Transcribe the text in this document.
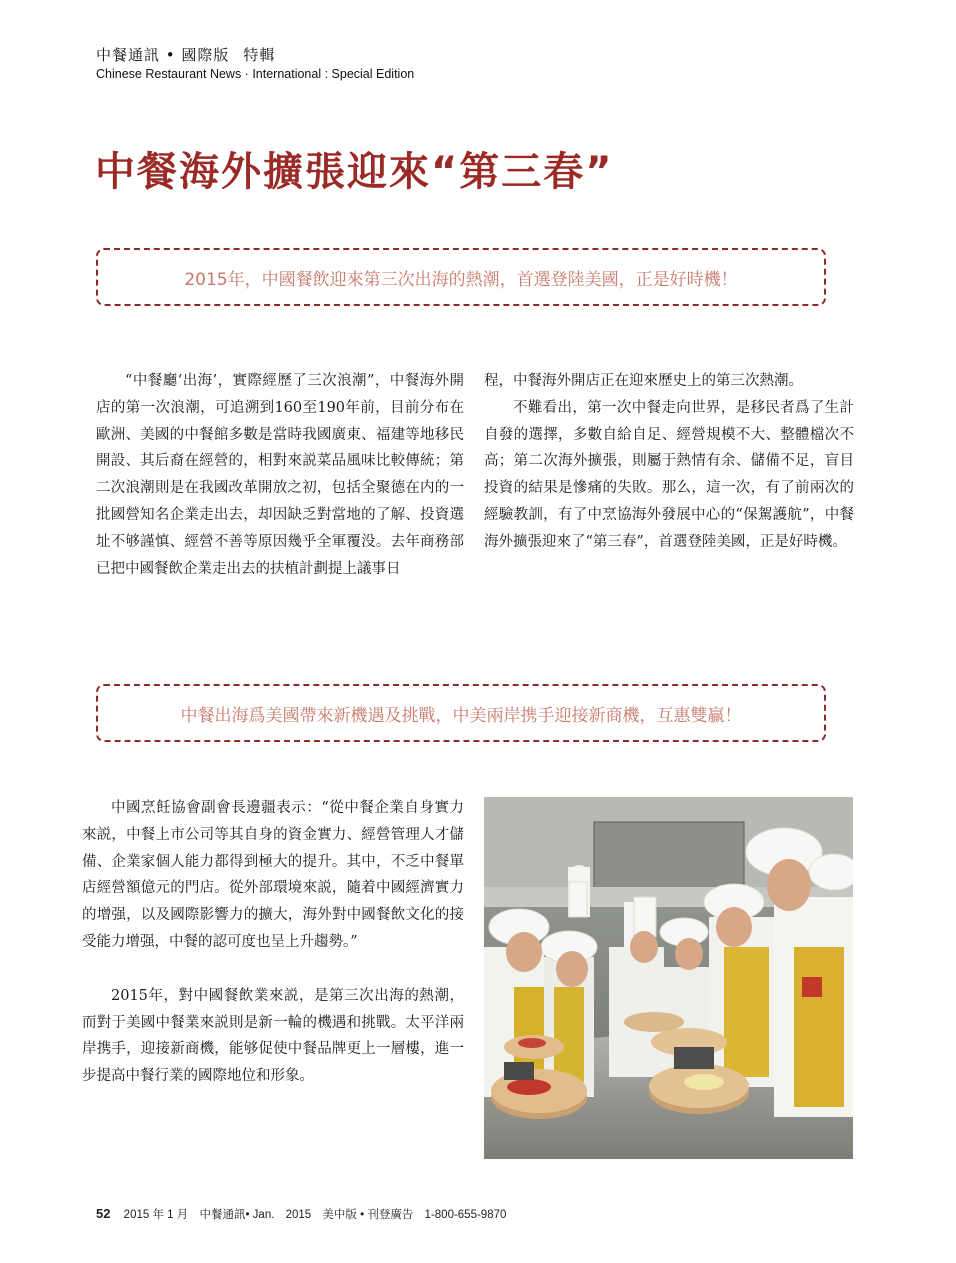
中餐通訊 • 國際版 特輯
Chinese Restaurant News · International : Special Edition
中餐海外擴張迎來“第三春”
2015年，中國餐飲迎來第三次出海的熱潮，首選登陸美國，正是好時機！

“中餐廳‘出海’，實際經歷了三次浪潮”，中餐海外開店的第一次浪潮，可追溯到160至190年前，目前分布在歐洲、美國的中餐館多數是當時我國廣東、福建等地移民開設、其后裔在經營的，相對來説菜品風味比較傳統；第二次浪潮則是在我國改革開放之初，包括全聚德在内的一批國營知名企業走出去，却因缺乏對當地的了解、投資選址不够謹慎、經營不善等原因幾乎全軍覆没。去年商務部已把中國餐飲企業走出去的扶植計劃提上議事日

程，中餐海外開店正在迎來歷史上的第三次熱潮。

不難看出，第一次中餐走向世界，是移民者爲了生計自發的選擇，多數自給自足、經營規模不大、整體檔次不高；第二次海外擴張，則屬于熱情有余、儲備不足，盲目投資的結果是慘痛的失敗。那么，這一次，有了前兩次的經驗教訓，有了中烹協海外發展中心的“保駕護航”，中餐海外擴張迎來了“第三春”，首選登陸美國，正是好時機。

中餐出海爲美國帶來新機遇及挑戰，中美兩岸携手迎接新商機，互惠雙贏！

中國烹飪協會副會長邊疆表示：“從中餐企業自身實力來説，中餐上市公司等其自身的資金實力、經營管理人才儲備、企業家個人能力都得到極大的提升。其中，不乏中餐單店經營額億元的門店。從外部環境來説，隨着中國經濟實力的增强，以及國際影響力的擴大，海外對中國餐飲文化的接受能力增强，中餐的認可度也呈上升趨勢。”

2015年，對中國餐飲業來説，是第三次出海的熱潮，而對于美國中餐業來説則是新一輪的機遇和挑戰。太平洋兩岸携手，迎接新商機，能够促使中餐品牌更上一層樓，進一步提高中餐行業的國際地位和形象。

52 2015 年 1 月 中餐通訊• Jan. 2015 美中版 • 刊登廣告 1-800-655-9870
